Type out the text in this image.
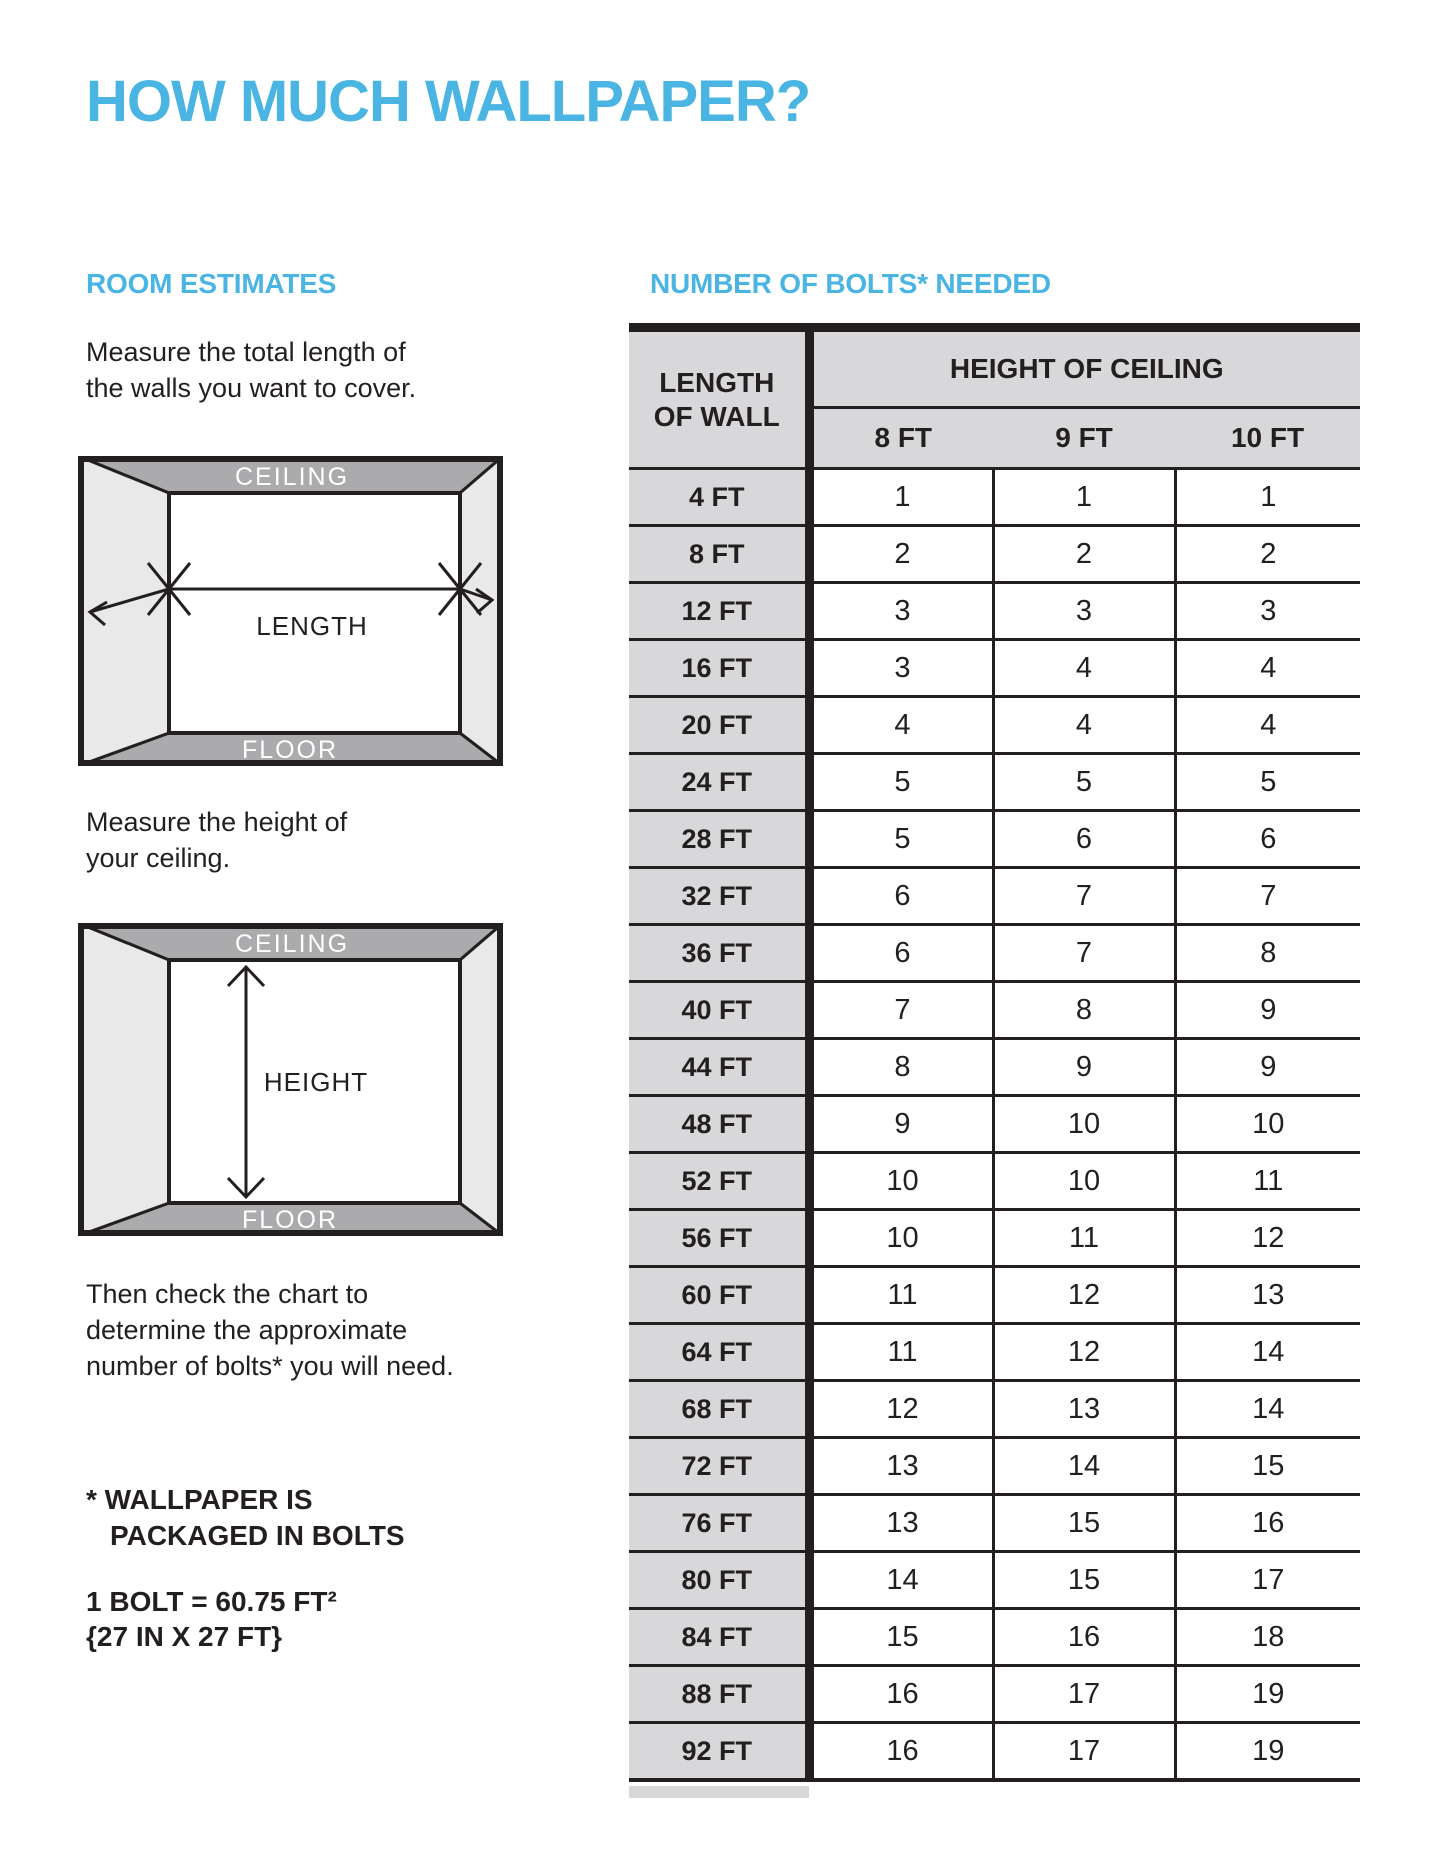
HOW MUCH WALLPAPER?
ROOM ESTIMATES	NUMBER OF BOLTS* NEEDED
Measure the total length of
the walls you want to cover.
CEILING
LENGTH
FLOOR
Measure the height of
your ceiling.
CEILING
HEIGHT
FLOOR
Then check the chart to
determine the approximate
number of bolts* you will need.
* WALLPAPER IS
PACKAGED IN BOLTS
1 BOLT = 60.75 FT²
{27 IN X 27 FT}
LENGTH OF WALL	HEIGHT OF CEILING		
	8 FT	9 FT	10 FT
4 FT	1	1	1
8 FT	2	2	2
12 FT	3	3	3
16 FT	3	4	4
20 FT	4	4	4
24 FT	5	5	5
28 FT	5	6	6
32 FT	6	7	7
36 FT	6	7	8
40 FT	7	8	9
44 FT	8	9	9
48 FT	9	10	10
52 FT	10	10	11
56 FT	10	11	12
60 FT	11	12	13
64 FT	11	12	14
68 FT	12	13	14
72 FT	13	14	15
76 FT	13	15	16
80 FT	14	15	17
84 FT	15	16	18
88 FT	16	17	19
92 FT	16	17	19
